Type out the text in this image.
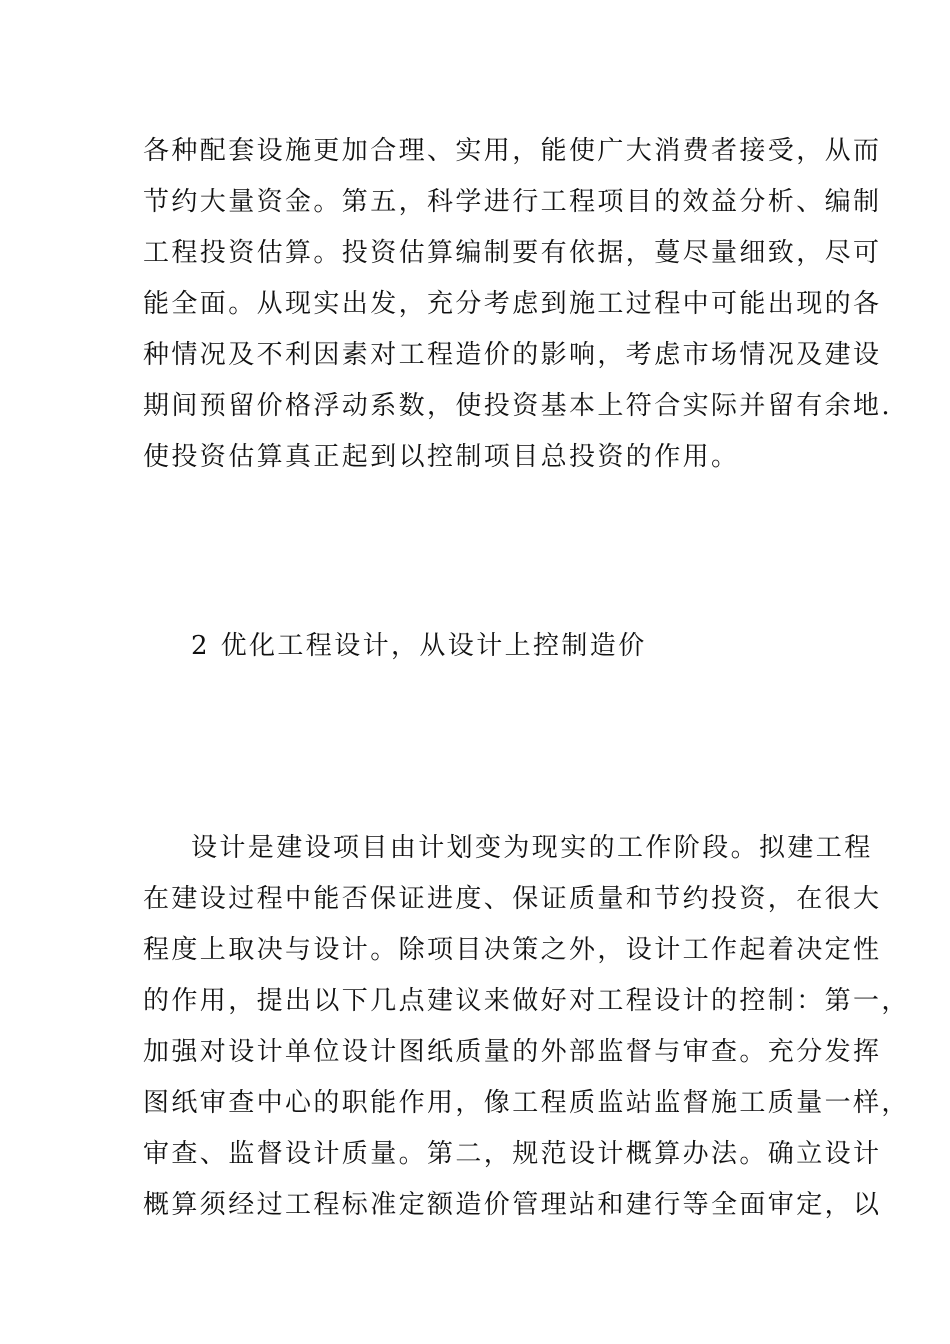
各种配套设施更加合理、实用，能使广大消费者接受，从而
节约大量资金。第五，科学进行工程项目的效益分析、编制
工程投资估算。投资估算编制要有依据，蔓尽量细致，尽可
能全面。从现实出发，充分考虑到施工过程中可能出现的各
种情况及不利因素对工程造价的影响，考虑市场情况及建设
期间预留价格浮动系数，使投资基本上符合实际并留有余地.
使投资估算真正起到以控制项目总投资的作用。
2 优化工程设计，从设计上控制造价
设计是建设项目由计划变为现实的工作阶段。拟建工程
在建设过程中能否保证进度、保证质量和节约投资，在很大
程度上取决与设计。除项目决策之外，设计工作起着决定性
的作用，提出以下几点建议来做好对工程设计的控制：第一，
加强对设计单位设计图纸质量的外部监督与审查。充分发挥
图纸审查中心的职能作用，像工程质监站监督施工质量一样，
审查、监督设计质量。第二，规范设计概算办法。确立设计
概算须经过工程标准定额造价管理站和建行等全面审定，以
